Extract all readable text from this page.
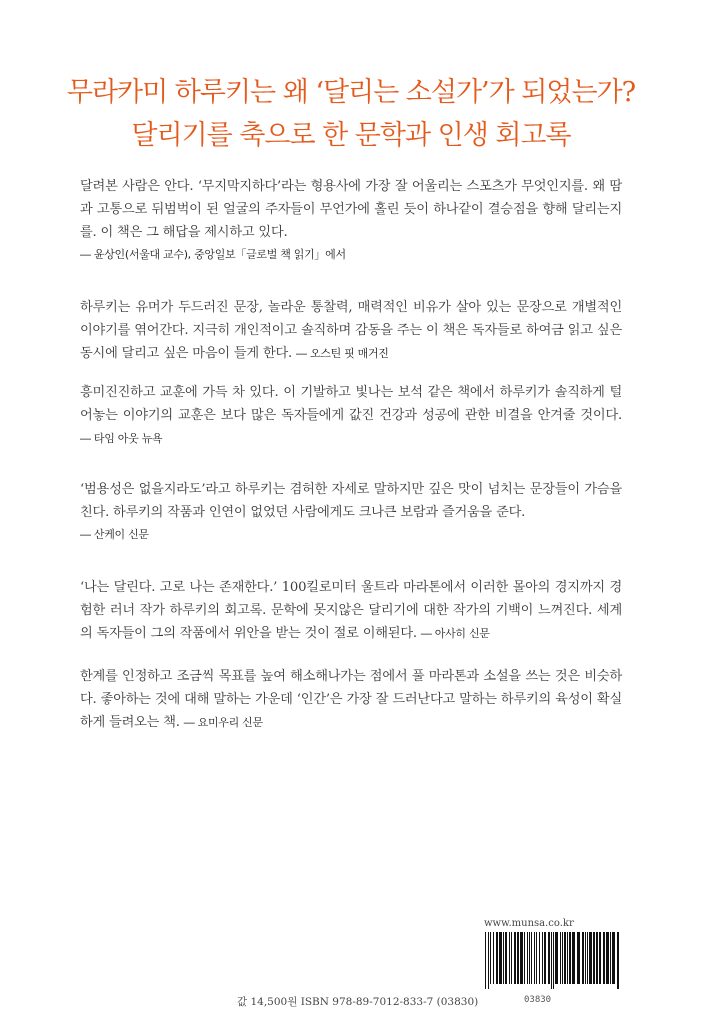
무라카미 하루키는 왜 ‘달리는 소설가’가 되었는가?
달리기를 축으로 한 문학과 인생 회고록
달려본 사람은 안다. ‘무지막지하다’라는 형용사에 가장 잘 어울리는 스포츠가 무엇인지를. 왜 땀과 고통으로 뒤범벅이 된 얼굴의 주자들이 무언가에 홀린 듯이 하나같이 결승점을 향해 달리는지를. 이 책은 그 해답을 제시하고 있다.
― 윤상인(서울대 교수), 중앙일보「글로벌 책 읽기」에서
하루키는 유머가 두드러진 문장, 놀라운 통찰력, 매력적인 비유가 살아 있는 문장으로 개별적인 이야기를 엮어간다. 지극히 개인적이고 솔직하며 감동을 주는 이 책은 독자들로 하여금 읽고 싶은 동시에 달리고 싶은 마음이 들게 한다. ― 오스틴 핏 매거진
흥미진진하고 교훈에 가득 차 있다. 이 기발하고 빛나는 보석 같은 책에서 하루키가 솔직하게 털어놓는 이야기의 교훈은 보다 많은 독자들에게 값진 건강과 성공에 관한 비결을 안겨줄 것이다. ― 타임 아웃 뉴욕
‘범용성은 없을지라도’라고 하루키는 겸허한 자세로 말하지만 깊은 맛이 넘치는 문장들이 가슴을 친다. 하루키의 작품과 인연이 없었던 사람에게도 크나큰 보람과 즐거움을 준다.
― 산케이 신문
‘나는 달린다. 고로 나는 존재한다.’ 100킬로미터 울트라 마라톤에서 이러한 몰아의 경지까지 경험한 러너 작가 하루키의 회고록. 문학에 못지않은 달리기에 대한 작가의 기백이 느껴진다. 세계의 독자들이 그의 작품에서 위안을 받는 것이 절로 이해된다. ― 아사히 신문
한계를 인정하고 조금씩 목표를 높여 해소해나가는 점에서 풀 마라톤과 소설을 쓰는 것은 비슷하다. 좋아하는 것에 대해 말하는 가운데 ‘인간’은 가장 잘 드러난다고 말하는 하루키의 육성이 확실하게 들려오는 책. ― 요미우리 신문
www.munsa.co.kr
03830
값 14,500원 ISBN 978-89-7012-833-7 (03830)
